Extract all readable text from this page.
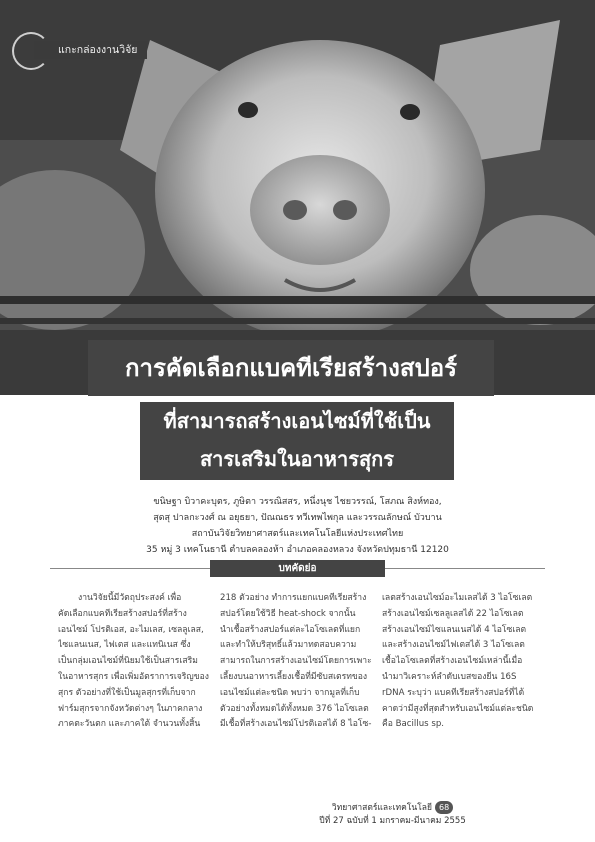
แกะกล่องงานวิจัย
การคัดเลือกแบคทีเรียสร้างสปอร์
ที่สามารถสร้างเอนไซม์ที่ใช้เป็น
สารเสริมในอาหารสุกร
ขนิษฐา บิวาคะบุตร, ภูษิตา วรรณิสสร, หนึ่งนุช ไชยวรรณ์, โสภณ สิงห์ทอง,
สุดสุ ปาลกะวงศ์ ณ อยุธยา, ปัณณธร ทวีเทพไพกุล และวรรณลักษณ์ บัวบาน
สถาบันวิจัยวิทยาศาสตร์และเทคโนโลยีแห่งประเทศไทย
35 หมู่ 3 เทคโนธานี ตำบลคลองห้า อำเภอคลองหลวง จังหวัดปทุมธานี 12120
บทคัดย่อ

งานวิจัยนี้มีวัตถุประสงค์ เพื่อ

คัดเลือกแบคทีเรียสร้างสปอร์ที่สร้าง

เอนไซม์ โปรติเอส, อะไมเลส, เซลลูเลส,

ไซแลนเนส, ไฟเตส และแทนิเนส ซึ่ง

เป็นกลุ่มเอนไซม์ที่นิยมใช้เป็นสารเสริม

ในอาหารสุกร เพื่อเพิ่มอัตราการเจริญของ

สุกร ตัวอย่างที่ใช้เป็นมูลสุกรที่เก็บจาก

ฟาร์มสุกรจากจังหวัดต่างๆ ในภาคกลาง

ภาคตะวันตก และภาคใต้ จำนวนทั้งสิ้น

218 ตัวอย่าง ทำการแยกแบคทีเรียสร้าง

สปอร์โดยใช้วิธี heat-shock จากนั้น

นำเชื้อสร้างสปอร์แต่ละไอโซเลตที่แยก

และทำให้บริสุทธิ์แล้วมาทดสอบความ

สามารถในการสร้างเอนไซม์โดยการเพาะ

เลี้ยงบนอาหารเลี้ยงเชื้อที่มีซับสเตรทของ

เอนไซม์แต่ละชนิด พบว่า จากมูลที่เก็บ

ตัวอย่างทั้งหมดได้ทั้งหมด 376 ไอโซเลต

มีเชื้อที่สร้างเอนไซม์โปรติเอสได้ 8 ไอโซ-

เลตสร้างเอนไซม์อะไมเลสได้ 3 ไอโซเลต

สร้างเอนไซม์เซลลูเลสได้ 22 ไอโซเลต

สร้างเอนไซม์ไซแลนเนสได้ 4 ไอโซเลต

และสร้างเอนไซม์ไฟเตสได้ 3 ไอโซเลต

เชื้อไอโซเลตที่สร้างเอนไซม์เหล่านี้เมื่อ

นำมาวิเคราะห์ลำดับเบสของยีน 16S

rDNA ระบุว่า แบคทีเรียสร้างสปอร์ที่ได้

คาดว่ามีสูงที่สุดสำหรับเอนไซม์แต่ละชนิด

คือ Bacillus sp.

วิทยาศาสตร์และเทคโนโลยี 68
ปีที่ 27 ฉบับที่ 1 มกราคม-มีนาคม 2555
